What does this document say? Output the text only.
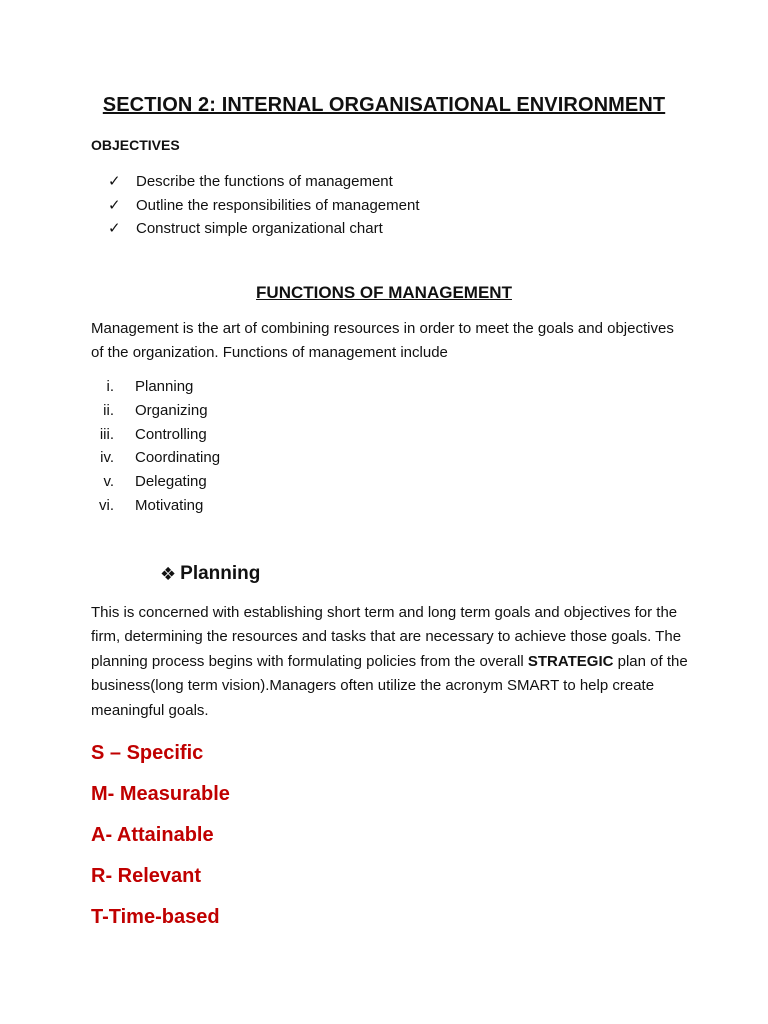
SECTION 2: INTERNAL ORGANISATIONAL ENVIRONMENT
OBJECTIVES
✓	Describe the functions of management
✓	Outline the responsibilities of management
✓	Construct simple organizational chart
FUNCTIONS OF MANAGEMENT

Management is the art of combining resources in order to meet the goals and objectives of the organization. Functions of management include

i. Planning
ii. Organizing
iii. Controlling
iv. Coordinating
v. Delegating
vi. Motivating
❖ Planning

This is concerned with establishing short term and long term goals and objectives for the firm, determining the resources and tasks that are necessary to achieve those goals. The planning process begins with formulating policies from the overall STRATEGIC plan of the business(long term vision).Managers often utilize the acronym SMART to help create meaningful goals.

S – Specific
M- Measurable
A- Attainable
R- Relevant
T-Time-based
